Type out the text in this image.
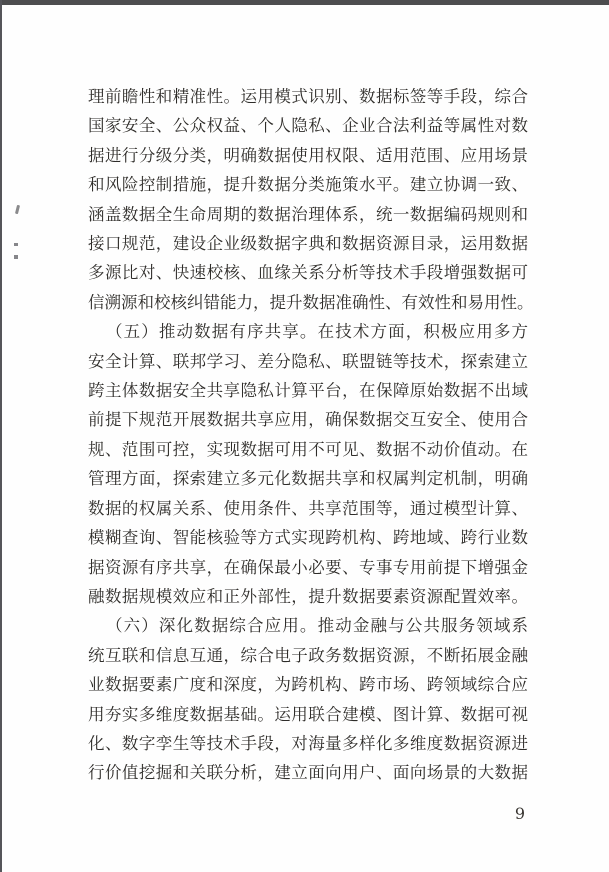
理前瞻性和精准性。运用模式识别、数据标签等手段，综合
国家安全、公众权益、个人隐私、企业合法利益等属性对数
据进行分级分类，明确数据使用权限、适用范围、应用场景
和风险控制措施，提升数据分类施策水平。建立协调一致、
涵盖数据全生命周期的数据治理体系，统一数据编码规则和
接口规范，建设企业级数据字典和数据资源目录，运用数据
多源比对、快速校核、血缘关系分析等技术手段增强数据可
信溯源和校核纠错能力，提升数据准确性、有效性和易用性。
（五）推动数据有序共享。在技术方面，积极应用多方
安全计算、联邦学习、差分隐私、联盟链等技术，探索建立
跨主体数据安全共享隐私计算平台，在保障原始数据不出域
前提下规范开展数据共享应用，确保数据交互安全、使用合
规、范围可控，实现数据可用不可见、数据不动价值动。在
管理方面，探索建立多元化数据共享和权属判定机制，明确
数据的权属关系、使用条件、共享范围等，通过模型计算、
模糊查询、智能核验等方式实现跨机构、跨地域、跨行业数
据资源有序共享，在确保最小必要、专事专用前提下增强金
融数据规模效应和正外部性，提升数据要素资源配置效率。
（六）深化数据综合应用。推动金融与公共服务领域系
统互联和信息互通，综合电子政务数据资源，不断拓展金融
业数据要素广度和深度，为跨机构、跨市场、跨领域综合应
用夯实多维度数据基础。运用联合建模、图计算、数据可视
化、数字孪生等技术手段，对海量多样化多维度数据资源进
行价值挖掘和关联分析，建立面向用户、面向场景的大数据
9
